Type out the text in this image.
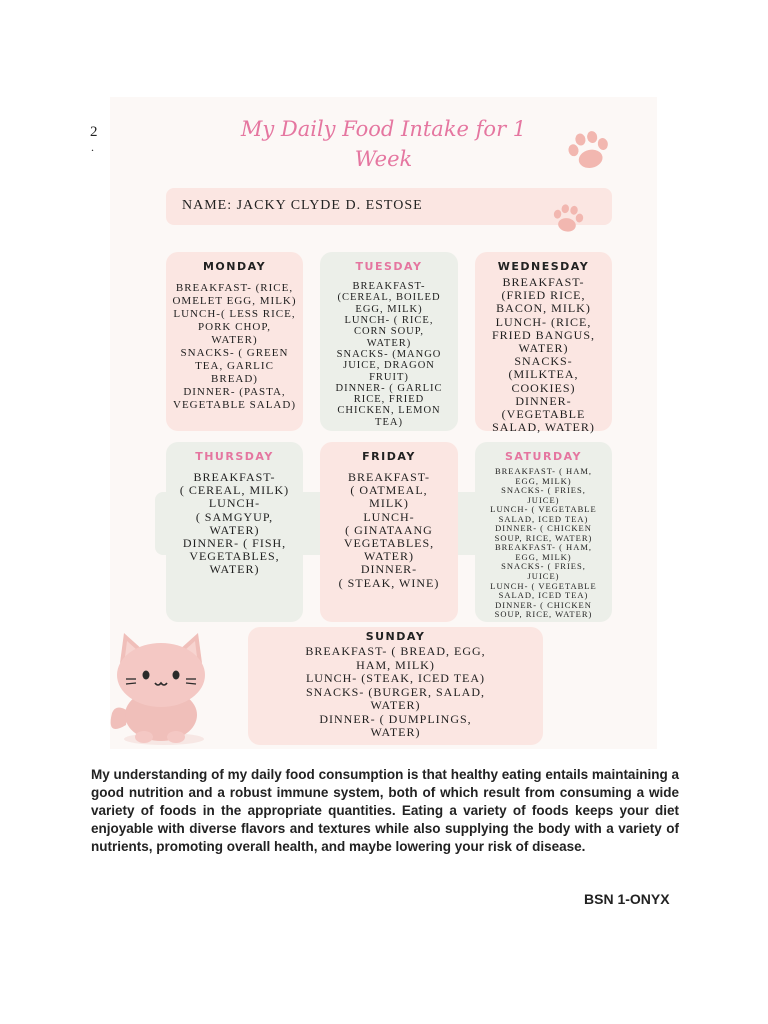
2
.
My Daily Food Intake for 1
Week
NAME: JACKY CLYDE D. ESTOSE
MONDAY
BREAKFAST- (RICE,
OMELET EGG, MILK)
LUNCH-( LESS RICE,
PORK CHOP,
WATER)
SNACKS- ( GREEN
TEA, GARLIC
BREAD)
DINNER- (PASTA,
VEGETABLE SALAD)
TUESDAY
BREAKFAST-
(CEREAL, BOILED
EGG, MILK)
LUNCH- ( RICE,
CORN SOUP,
WATER)
SNACKS- (MANGO
JUICE, DRAGON
FRUIT)
DINNER- ( GARLIC
RICE, FRIED
CHICKEN, LEMON
TEA)
WEDNESDAY
BREAKFAST-
(FRIED RICE,
BACON, MILK)
LUNCH- (RICE,
FRIED BANGUS,
WATER)
SNACKS-
(MILKTEA,
COOKIES)
DINNER-
(VEGETABLE
SALAD, WATER)
THURSDAY
BREAKFAST-
( CEREAL, MILK)
LUNCH-
( SAMGYUP,
WATER)
DINNER- ( FISH,
VEGETABLES,
WATER)
FRIDAY
BREAKFAST-
( OATMEAL,
MILK)
LUNCH-
( GINATAANG
VEGETABLES,
WATER)
DINNER-
( STEAK, WINE)
SATURDAY
BREAKFAST- ( HAM,
EGG, MILK)
SNACKS- ( FRIES,
JUICE)
LUNCH- ( VEGETABLE
SALAD, ICED TEA)
DINNER- ( CHICKEN
SOUP, RICE, WATER)
BREAKFAST- ( HAM,
EGG, MILK)
SNACKS- ( FRIES,
JUICE)
LUNCH- ( VEGETABLE
SALAD, ICED TEA)
DINNER- ( CHICKEN
SOUP, RICE, WATER)
SUNDAY
BREAKFAST- ( BREAD, EGG,
HAM, MILK)
LUNCH- (STEAK, ICED TEA)
SNACKS- (BURGER, SALAD,
WATER)
DINNER- ( DUMPLINGS,
WATER)

My understanding of my daily food consumption is that healthy eating entails maintaining a good nutrition and a robust immune system, both of which result from consuming a wide variety of foods in the appropriate quantities. Eating a variety of foods keeps your diet enjoyable with diverse flavors and textures while also supplying the body with a variety of nutrients, promoting overall health, and maybe lowering your risk of disease.

BSN 1-ONYX
